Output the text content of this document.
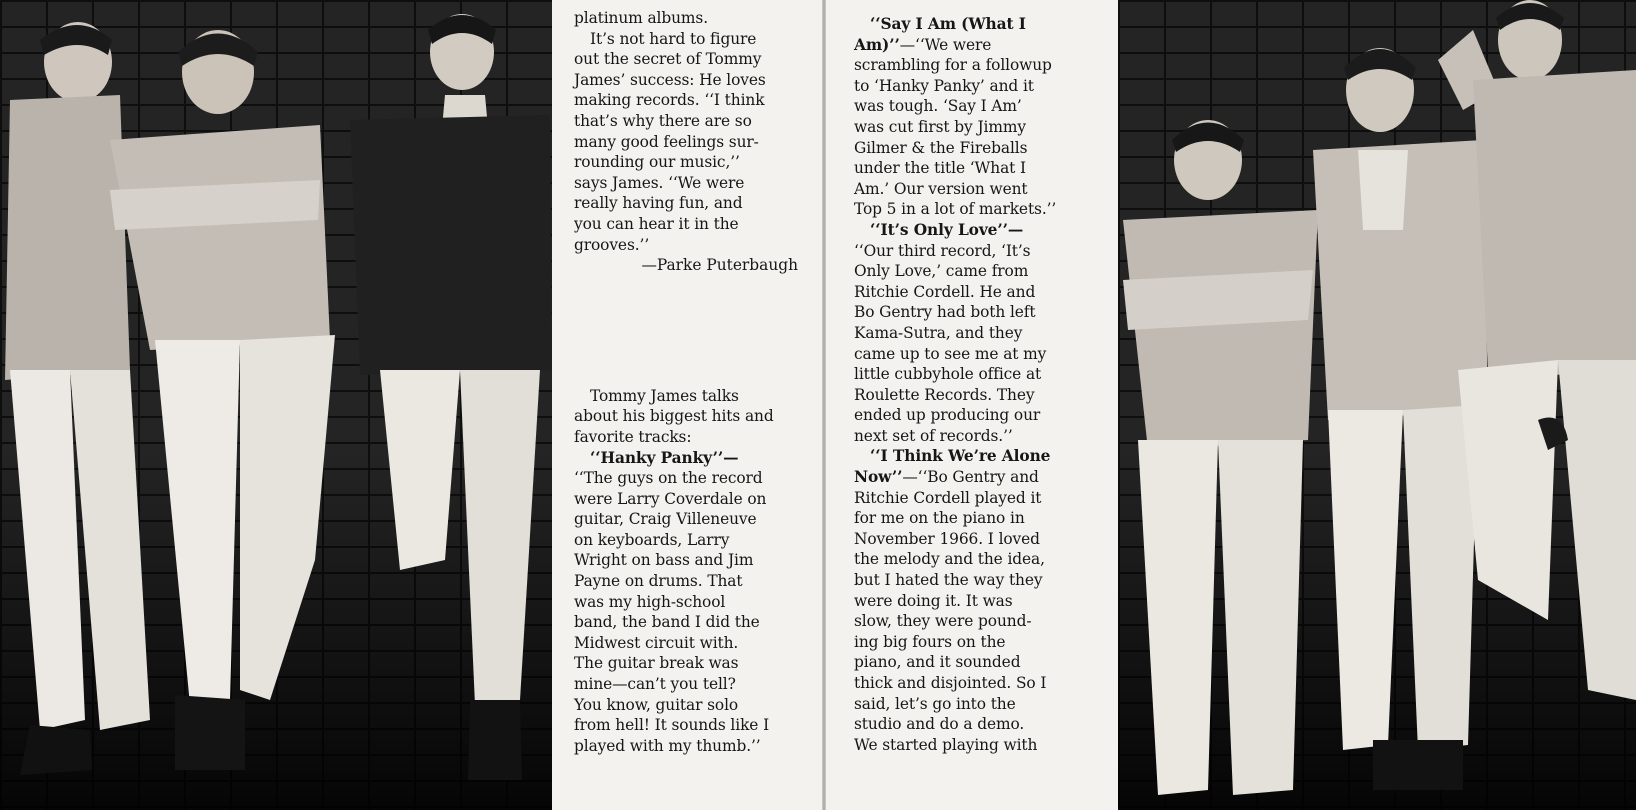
platinum albums.
It’s not hard to figure
out the secret of Tommy
James’ success: He loves
making records. ‘‘I think
that’s why there are so
many good feelings sur-
rounding our music,’’
says James. ‘‘We were
really having fun, and
you can hear it in the
grooves.’’

—Parke Puterbaugh

Tommy James talks
about his biggest hits and
favorite tracks:
‘‘Hanky Panky’’—
‘‘The guys on the record
were Larry Coverdale on
guitar, Craig Villeneuve
on keyboards, Larry
Wright on bass and Jim
Payne on drums. That
was my high-school
band, the band I did the
Midwest circuit with.
The guitar break was
mine—can’t you tell?
You know, guitar solo
from hell! It sounds like I
played with my thumb.’’

‘‘Say I Am (What I
Am)’’—‘‘We were
scrambling for a followup
to ‘Hanky Panky’ and it
was tough. ‘Say I Am’
was cut first by Jimmy
Gilmer & the Fireballs
under the title ‘What I
Am.’ Our version went
Top 5 in a lot of markets.’’
‘‘It’s Only Love’’—
‘‘Our third record, ‘It’s
Only Love,’ came from
Ritchie Cordell. He and
Bo Gentry had both left
Kama-Sutra, and they
came up to see me at my
little cubbyhole office at
Roulette Records. They
ended up producing our
next set of records.’’
‘‘I Think We’re Alone
Now’’—‘‘Bo Gentry and
Ritchie Cordell played it
for me on the piano in
November 1966. I loved
the melody and the idea,
but I hated the way they
were doing it. It was
slow, they were pound-
ing big fours on the
piano, and it sounded
thick and disjointed. So I
said, let’s go into the
studio and do a demo.
We started playing with
